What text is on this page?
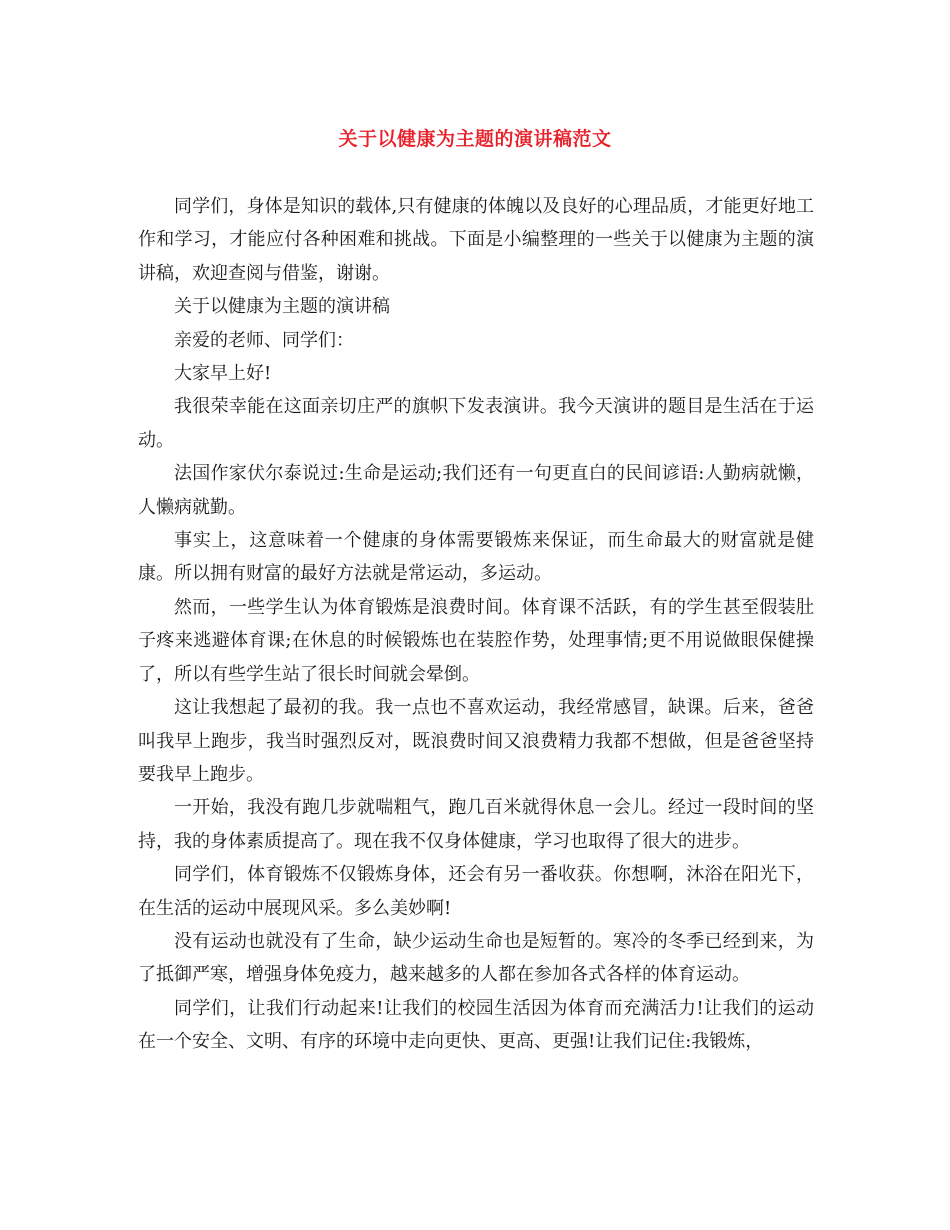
关于以健康为主题的演讲稿范文

同学们，身体是知识的载体,只有健康的体魄以及良好的心理品质，才能更好地工作和学习，才能应付各种困难和挑战。下面是小编整理的一些关于以健康为主题的演讲稿，欢迎查阅与借鉴，谢谢。

关于以健康为主题的演讲稿

亲爱的老师、同学们：

大家早上好!

我很荣幸能在这面亲切庄严的旗帜下发表演讲。我今天演讲的题目是生活在于运动。

法国作家伏尔泰说过:生命是运动;我们还有一句更直白的民间谚语:人勤病就懒，人懒病就勤。

事实上，这意味着一个健康的身体需要锻炼来保证，而生命最大的财富就是健康。所以拥有财富的最好方法就是常运动，多运动。

然而，一些学生认为体育锻炼是浪费时间。体育课不活跃，有的学生甚至假装肚子疼来逃避体育课;在休息的时候锻炼也在装腔作势，处理事情;更不用说做眼保健操了，所以有些学生站了很长时间就会晕倒。

这让我想起了最初的我。我一点也不喜欢运动，我经常感冒，缺课。后来，爸爸叫我早上跑步，我当时强烈反对，既浪费时间又浪费精力我都不想做，但是爸爸坚持要我早上跑步。

一开始，我没有跑几步就喘粗气，跑几百米就得休息一会儿。经过一段时间的坚持，我的身体素质提高了。现在我不仅身体健康，学习也取得了很大的进步。

同学们，体育锻炼不仅锻炼身体，还会有另一番收获。你想啊，沐浴在阳光下，在生活的运动中展现风采。多么美妙啊!

没有运动也就没有了生命，缺少运动生命也是短暂的。寒冷的冬季已经到来，为了抵御严寒，增强身体免疫力，越来越多的人都在参加各式各样的体育运动。

同学们，让我们行动起来!让我们的校园生活因为体育而充满活力!让我们的运动在一个安全、文明、有序的环境中走向更快、更高、更强!让我们记住:我锻炼，
